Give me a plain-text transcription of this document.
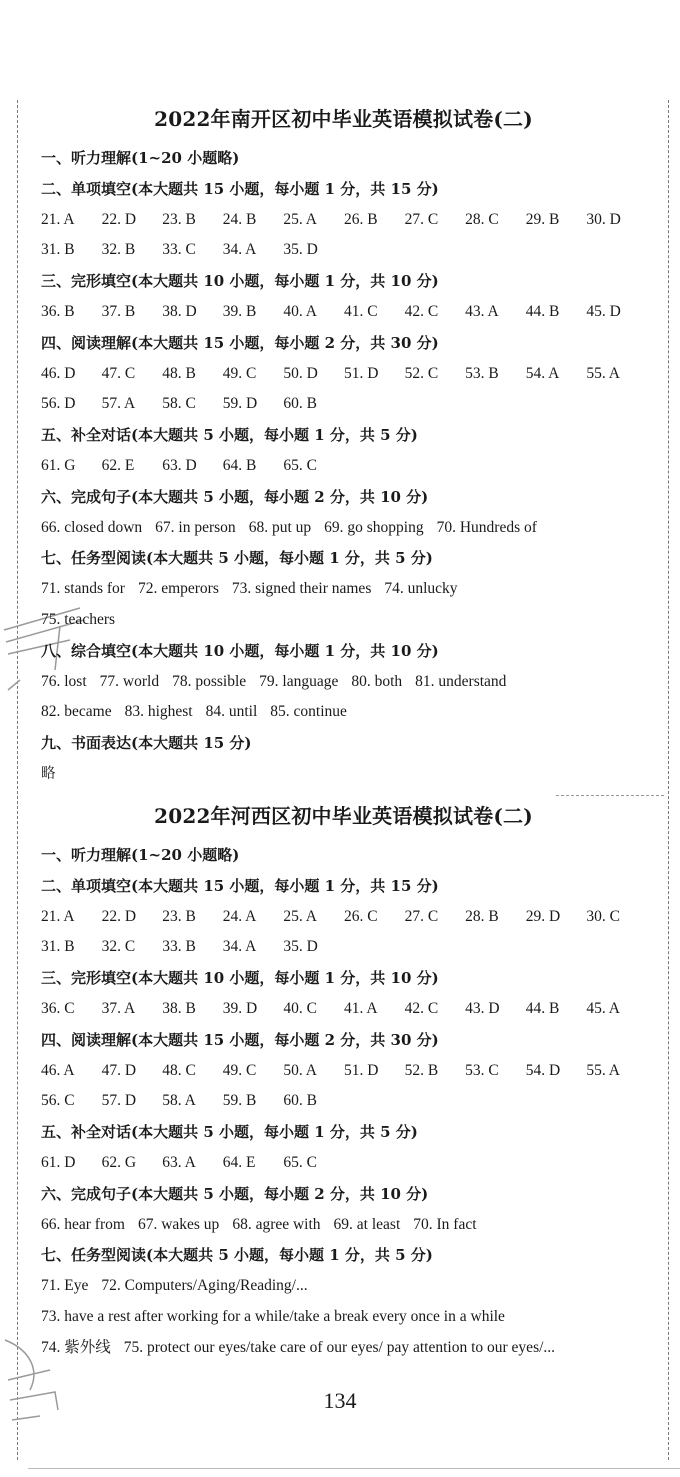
2022年南开区初中毕业英语模拟试卷(二)
一、听力理解(1~20 小题略)
二、单项填空(本大题共 15 小题，每小题 1 分，共 15 分)
21. A 22. D 23. B 24. B 25. A 26. B 27. C 28. C 29. B 30. D
31. B 32. B 33. C 34. A 35. D
三、完形填空(本大题共 10 小题，每小题 1 分，共 10 分)
36. B 37. B 38. D 39. B 40. A 41. C 42. C 43. A 44. B 45. D
四、阅读理解(本大题共 15 小题，每小题 2 分，共 30 分)
46. D 47. C 48. B 49. C 50. D 51. D 52. C 53. B 54. A 55. A
56. D 57. A 58. C 59. D 60. B
五、补全对话(本大题共 5 小题，每小题 1 分，共 5 分)
61. G 62. E 63. D 64. B 65. C
六、完成句子(本大题共 5 小题，每小题 2 分，共 10 分)
66. closed down 67. in person 68. put up 69. go shopping 70. Hundreds of
七、任务型阅读(本大题共 5 小题，每小题 1 分，共 5 分)
71. stands for 72. emperors 73. signed their names 74. unlucky
75. teachers
八、综合填空(本大题共 10 小题，每小题 1 分，共 10 分)
76. lost 77. world 78. possible 79. language 80. both 81. understand
82. became 83. highest 84. until 85. continue
九、书面表达(本大题共 15 分)
略
2022年河西区初中毕业英语模拟试卷(二)
一、听力理解(1~20 小题略)
二、单项填空(本大题共 15 小题，每小题 1 分，共 15 分)
21. A 22. D 23. B 24. A 25. A 26. C 27. C 28. B 29. D 30. C
31. B 32. C 33. B 34. A 35. D
三、完形填空(本大题共 10 小题，每小题 1 分，共 10 分)
36. C 37. A 38. B 39. D 40. C 41. A 42. C 43. D 44. B 45. A
四、阅读理解(本大题共 15 小题，每小题 2 分，共 30 分)
46. A 47. D 48. C 49. C 50. A 51. D 52. B 53. C 54. D 55. A
56. C 57. D 58. A 59. B 60. B
五、补全对话(本大题共 5 小题，每小题 1 分，共 5 分)
61. D 62. G 63. A 64. E 65. C
六、完成句子(本大题共 5 小题，每小题 2 分，共 10 分)
66. hear from 67. wakes up 68. agree with 69. at least 70. In fact
七、任务型阅读(本大题共 5 小题，每小题 1 分，共 5 分)
71. Eye 72. Computers/Aging/Reading/...
73. have a rest after working for a while/take a break every once in a while
74. 紫外线 75. protect our eyes/take care of our eyes/ pay attention to our eyes/...
134
